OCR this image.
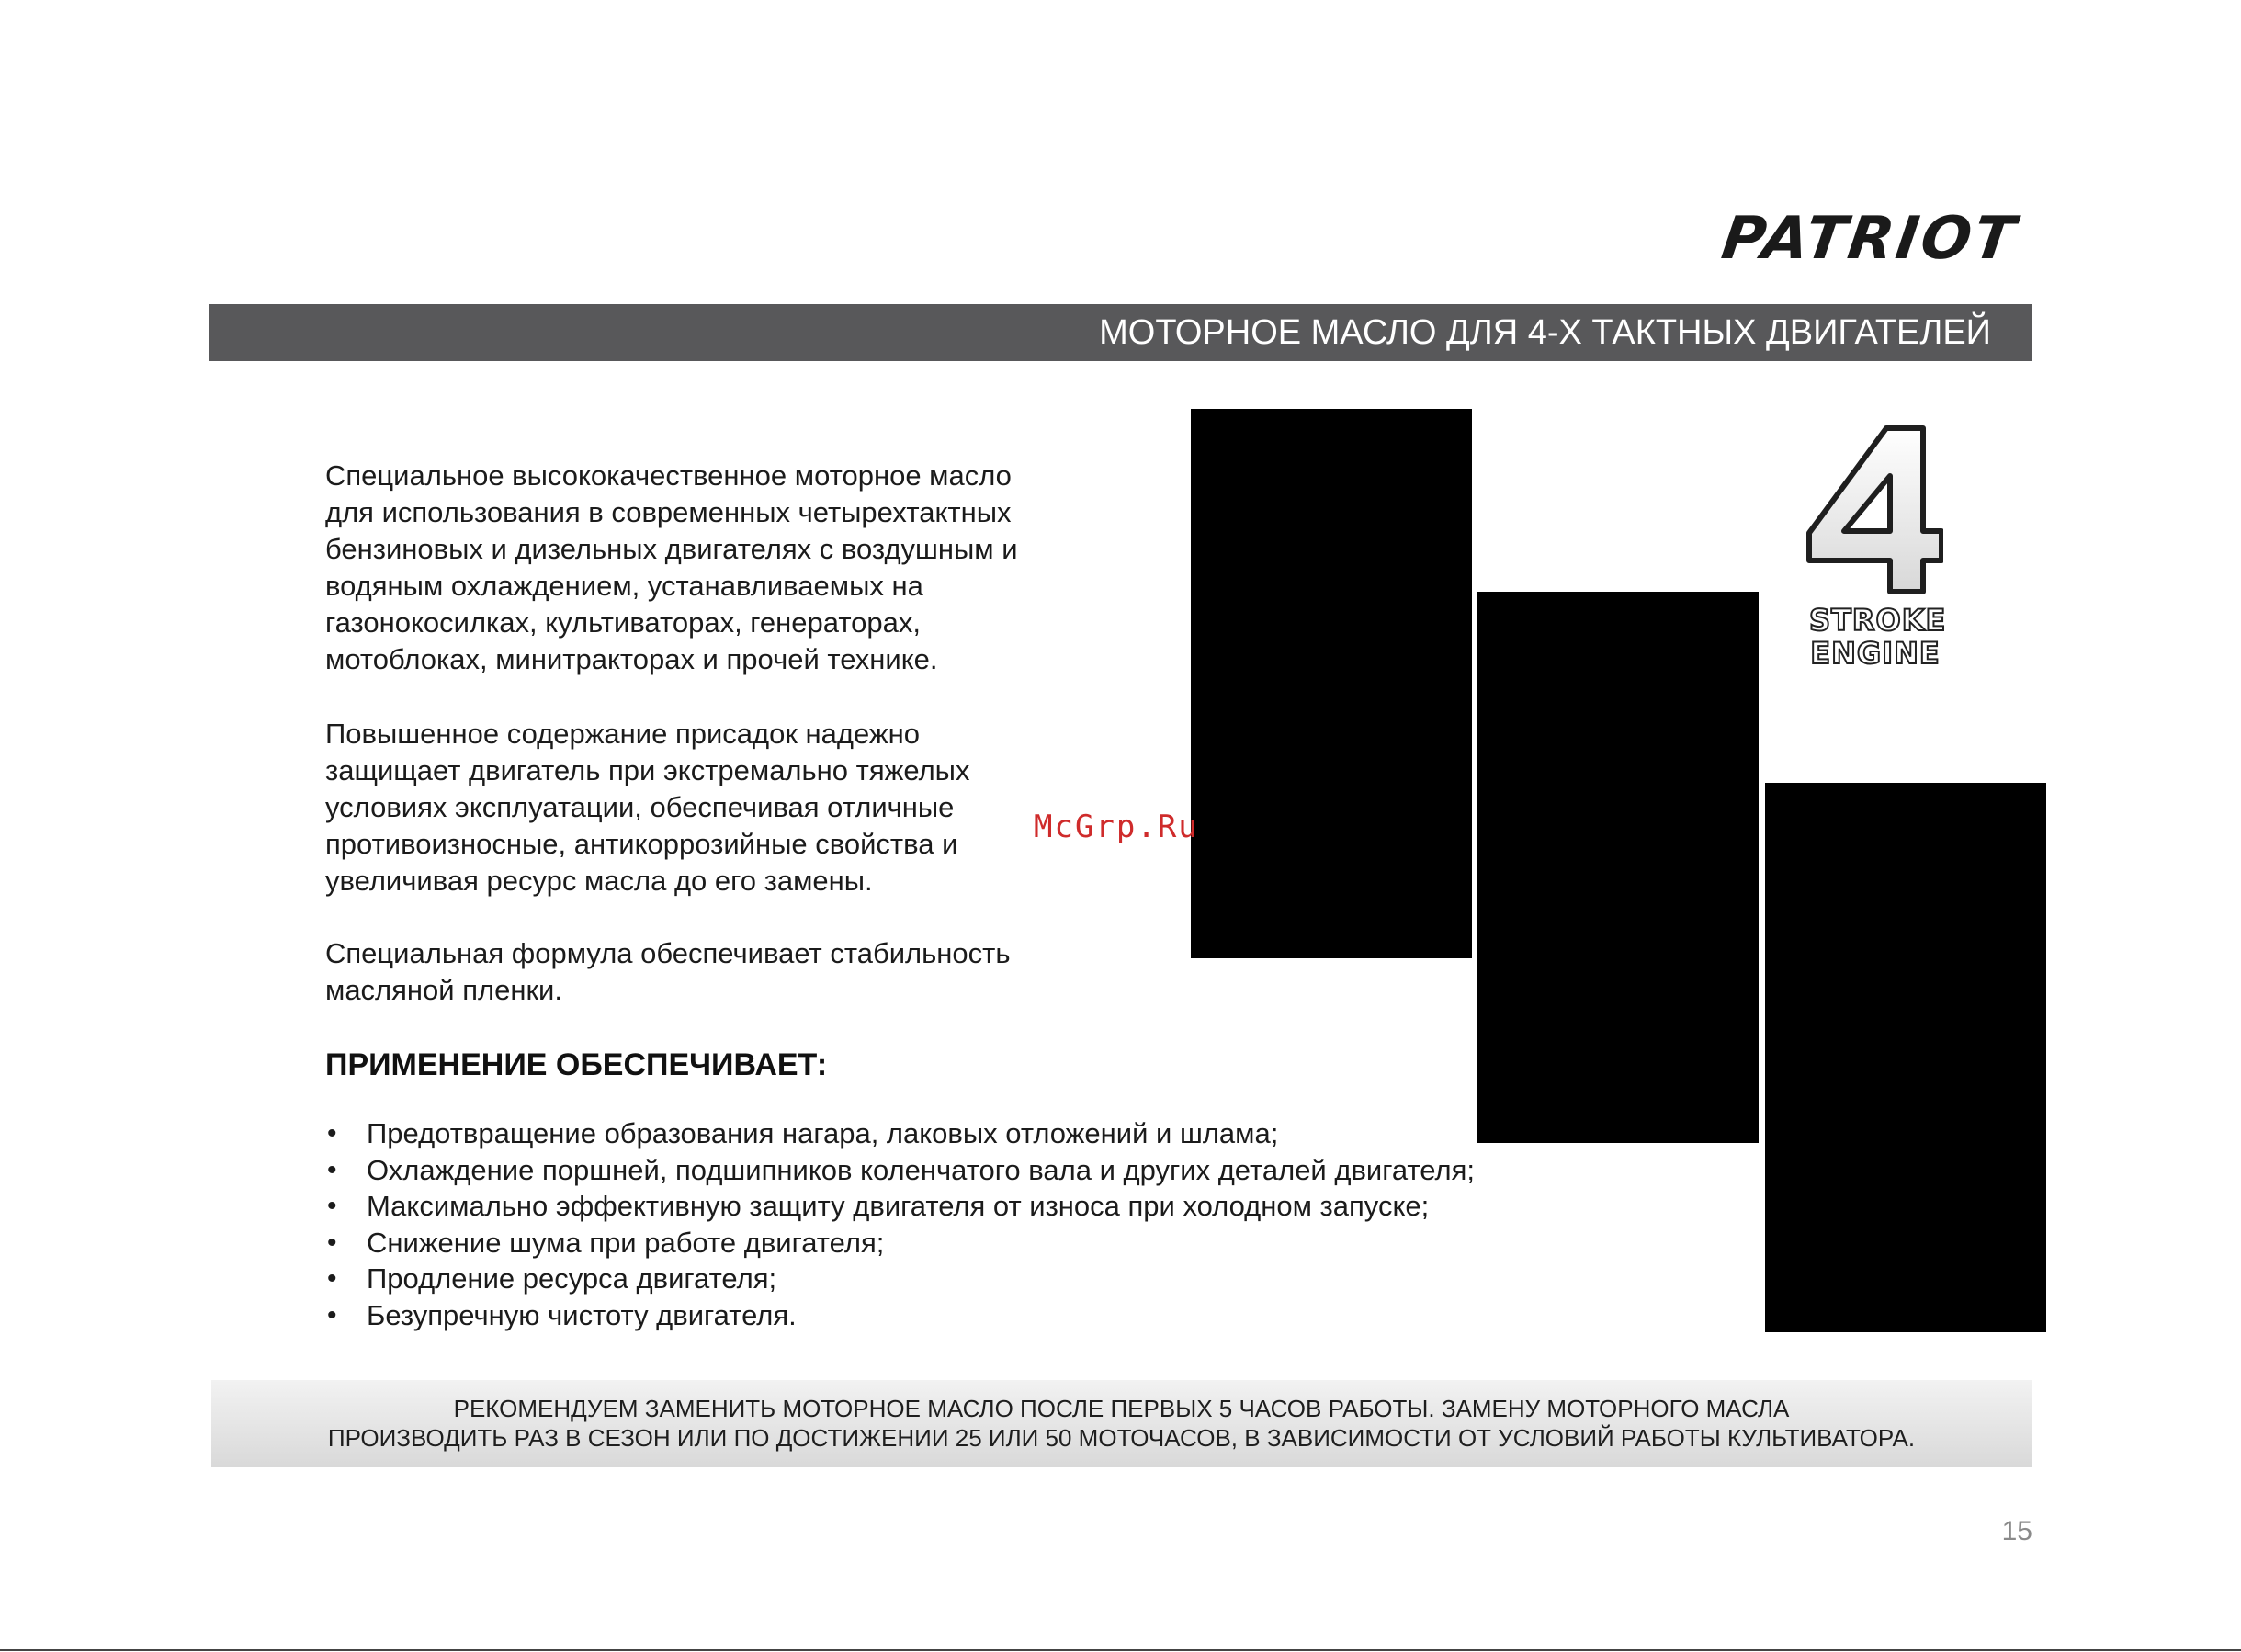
PATRIOT
МОТОРНОЕ МАСЛО ДЛЯ 4-Х ТАКТНЫХ ДВИГАТЕЛЕЙ
Специальное высококачественное моторное масло
для использования в современных четырехтактных
бензиновых и дизельных двигателях с воздушным и
водяным охлаждением, устанавливаемых на
газонокосилках, культиваторах, генераторах,
мотоблоках, минитракторах и прочей технике.
Повышенное содержание присадок надежно
защищает двигатель при экстремально тяжелых
условиях эксплуатации, обеспечивая отличные
противоизносные, антикоррозийные свойства и
увеличивая ресурс масла до его замены.
Специальная формула обеспечивает стабильность
масляной пленки.
ПРИМЕНЕНИЕ ОБЕСПЕЧИВАЕТ:
• Предотвращение образования нагара, лаковых отложений и шлама;
• Охлаждение поршней, подшипников коленчатого вала и других деталей двигателя;
• Максимально эффективную защиту двигателя от износа при холодном запуске;
• Снижение шума при работе двигателя;
• Продление ресурса двигателя;
• Безупречную чистоту двигателя.
4
STROKE
ENGINE
McGrp.Ru
РЕКОМЕНДУЕМ ЗАМЕНИТЬ МОТОРНОЕ МАСЛО ПОСЛЕ ПЕРВЫХ 5 ЧАСОВ РАБОТЫ. ЗАМЕНУ МОТОРНОГО МАСЛА
ПРОИЗВОДИТЬ РАЗ В СЕЗОН ИЛИ ПО ДОСТИЖЕНИИ 25 ИЛИ 50 МОТОЧАСОВ, В ЗАВИСИМОСТИ ОТ УСЛОВИЙ РАБОТЫ КУЛЬТИВАТОРА.
15
